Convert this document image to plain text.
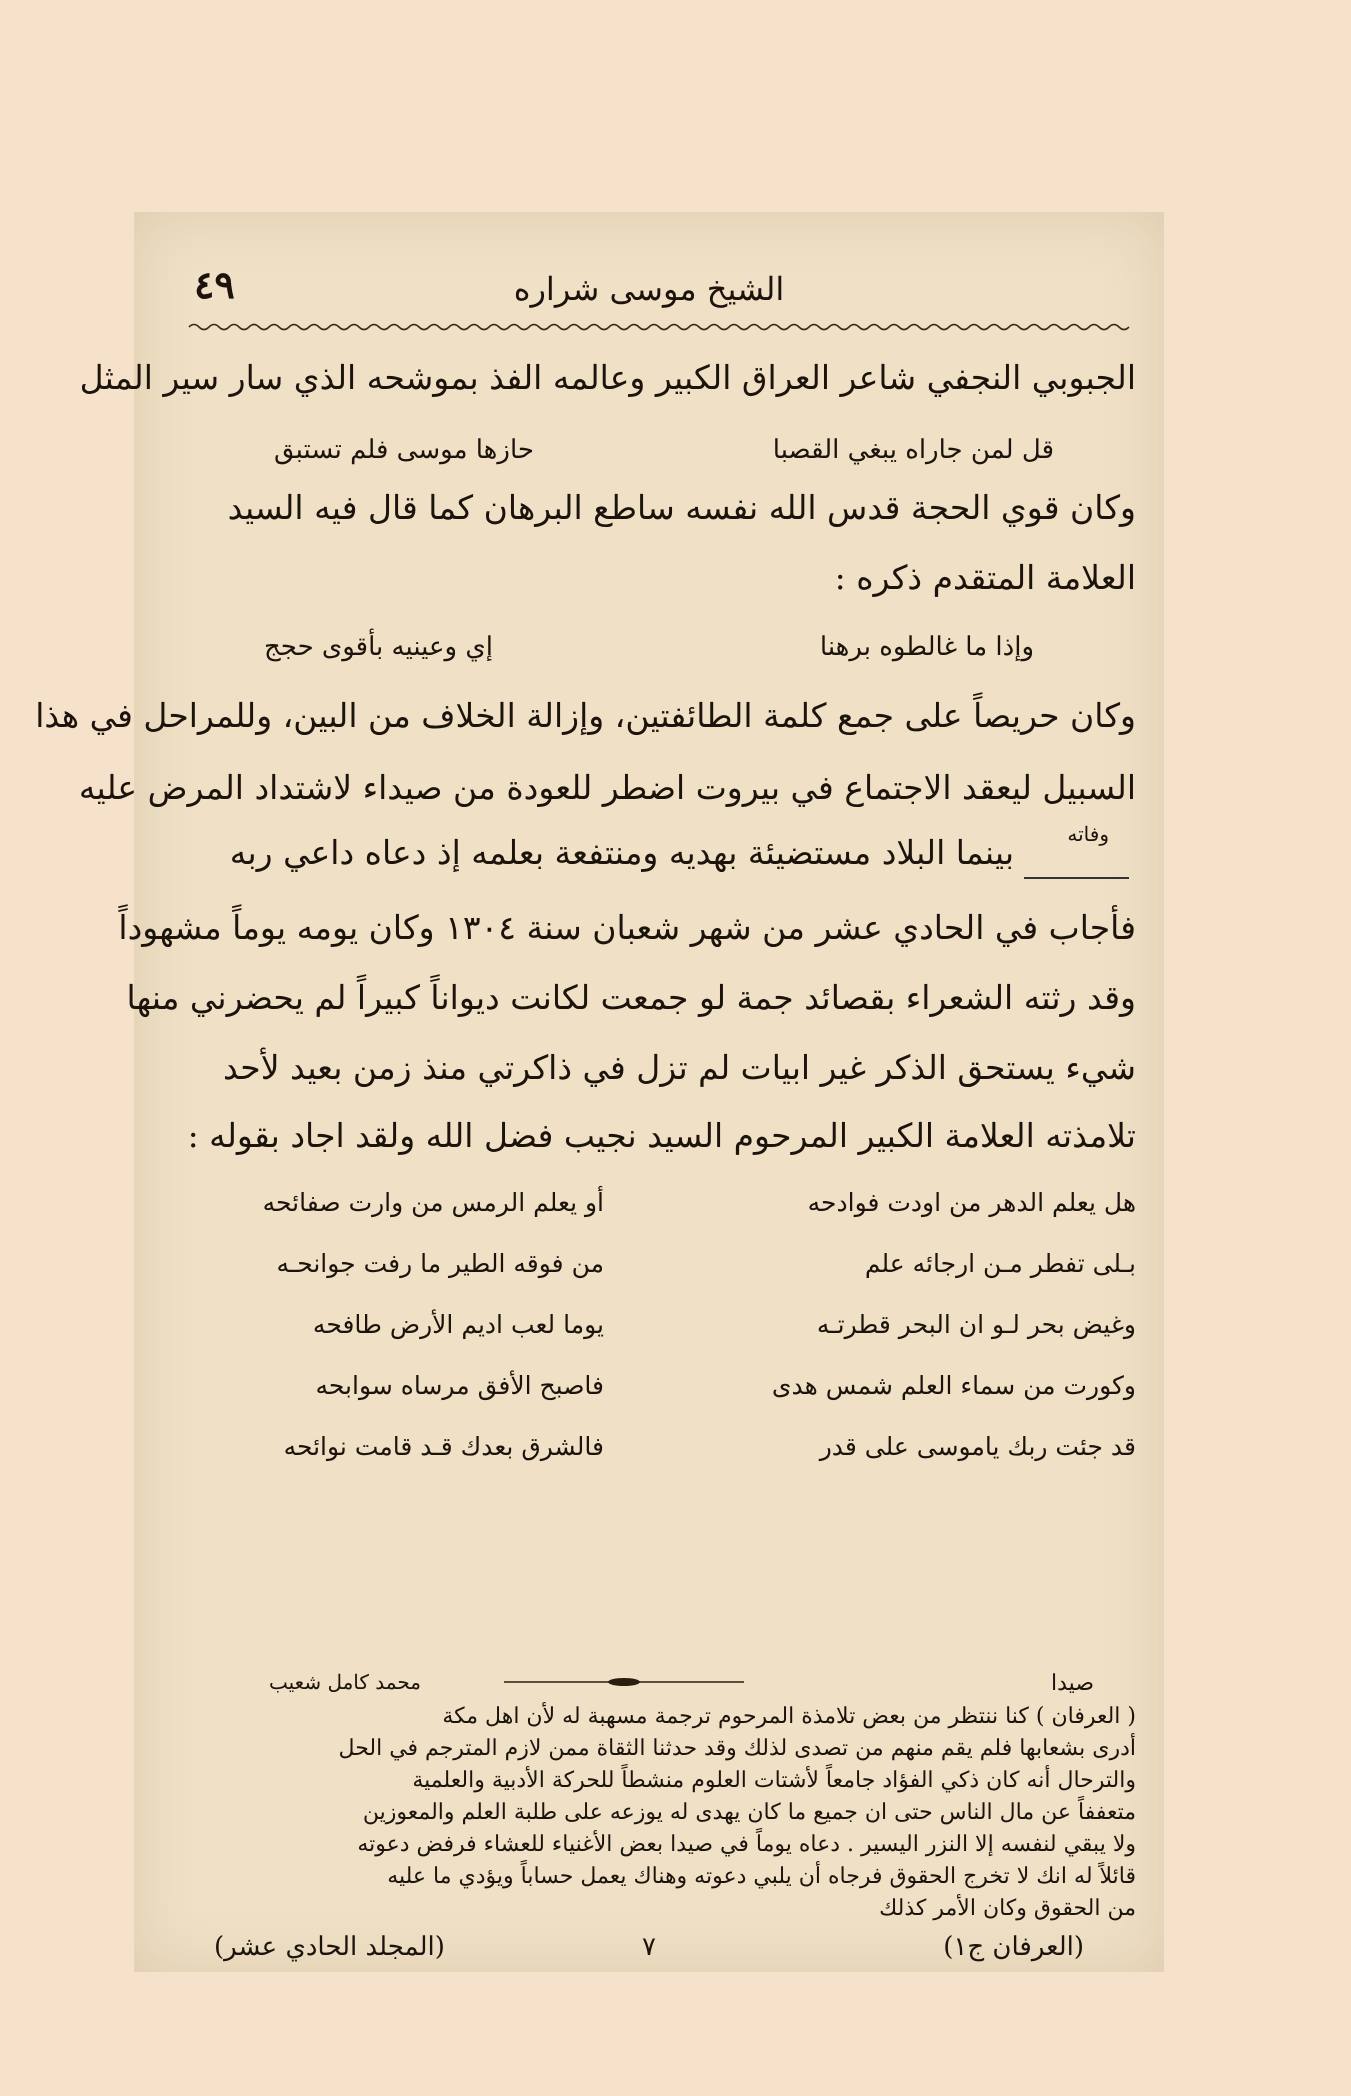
الشيخ موسى شراره
٤٩
الجبوبي النجفي شاعر العراق الكبير وعالمه الفذ بموشحه الذي سار سير المثل
قل لمن جاراه يبغي القصبا
حازها موسى فلم تستبق
وكان قوي الحجة قدس الله نفسه ساطع البرهان كما قال فيه السيد
العلامة المتقدم ذكره :
وإذا ما غالطوه برهنا
إي وعينيه بأقوى حجج
وكان حريصاً على جمع كلمة الطائفتين، وإزالة الخلاف من البين، وللمراحل في هذا
السبيل ليعقد الاجتماع في بيروت اضطر للعودة من صيداء لاشتداد المرض عليه
وفاته
بينما البلاد مستضيئة بهديه ومنتفعة بعلمه إذ دعاه داعي ربه
فأجاب في الحادي عشر من شهر شعبان سنة ١٣٠٤ وكان يومه يوماً مشهوداً
وقد رثته الشعراء بقصائد جمة لو جمعت لكانت ديواناً كبيراً لم يحضرني منها
شيء يستحق الذكر غير ابيات لم تزل في ذاكرتي منذ زمن بعيد لأحد
تلامذته العلامة الكبير المرحوم السيد نجيب فضل الله ولقد اجاد بقوله :
هل يعلم الدهر من اودت فوادحه
بـلى تفطر مـن ارجائه علم
وغيض بحر لـو ان البحر قطرتـه
وكورت من سماء العلم شمس هدى
قد جئت ربك ياموسى على قدر
أو يعلم الرمس من وارت صفائحه
من فوقه الطير ما رفت جوانحـه
يوما لعب اديم الأرض طافحه
فاصبح الأفق مرساه سوابحه
فالشرق بعدك قـد قامت نوائحه
صيدا
محمد كامل شعيب
( العرفان ) كنا ننتظر من بعض تلامذة المرحوم ترجمة مسهبة له لأن اهل مكة
أدرى بشعابها فلم يقم منهم من تصدى لذلك وقد حدثنا الثقاة ممن لازم المترجم في الحل
والترحال أنه كان ذكي الفؤاد جامعاً لأشتات العلوم منشطاً للحركة الأدبية والعلمية
متعففاً عن مال الناس حتى ان جميع ما كان يهدى له يوزعه على طلبة العلم والمعوزين
ولا يبقي لنفسه إلا النزر اليسير . دعاه يوماً في صيدا بعض الأغنياء للعشاء فرفض دعوته
قائلاً له انك لا تخرج الحقوق فرجاه أن يلبي دعوته وهناك يعمل حساباً ويؤدي ما عليه
من الحقوق وكان الأمر كذلك
(العرفان ج١)
٧
(المجلد الحادي عشر)
